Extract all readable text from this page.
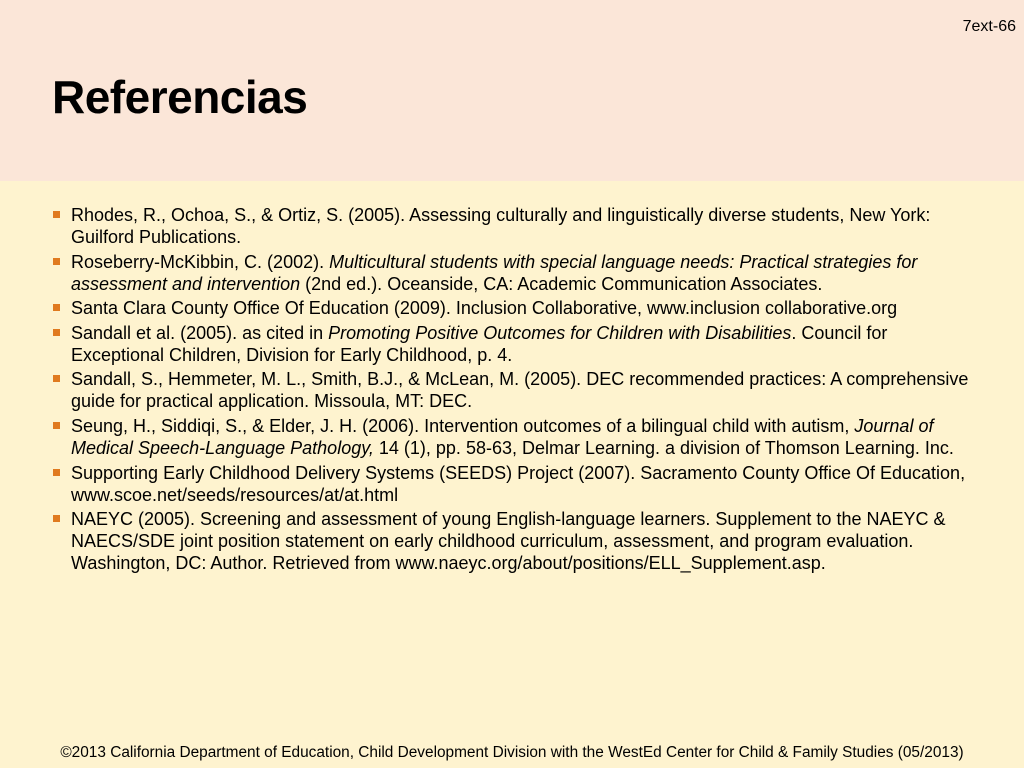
7ext-66
Referencias
Rhodes, R., Ochoa, S., & Ortiz, S. (2005). Assessing culturally and linguistically diverse students, New York: Guilford Publications.
Roseberry-McKibbin, C. (2002). Multicultural students with special language needs: Practical strategies for assessment and intervention (2nd ed.). Oceanside, CA: Academic Communication Associates.
Santa Clara County Office Of Education (2009). Inclusion Collaborative, www.inclusion collaborative.org
Sandall et al. (2005). as cited in Promoting Positive Outcomes for Children with Disabilities. Council for Exceptional Children, Division for Early Childhood, p. 4.
Sandall, S., Hemmeter, M. L., Smith, B.J., & McLean, M. (2005). DEC recommended practices: A comprehensive guide for practical application. Missoula, MT: DEC.
Seung, H., Siddiqi, S., & Elder, J. H. (2006). Intervention outcomes of a bilingual child with autism, Journal of Medical Speech-Language Pathology, 14 (1), pp. 58-63, Delmar Learning. a division of Thomson Learning. Inc.
Supporting Early Childhood Delivery Systems (SEEDS) Project (2007). Sacramento County Office Of Education, www.scoe.net/seeds/resources/at/at.html
NAEYC (2005). Screening and assessment of young English-language learners. Supplement to the NAEYC & NAECS/SDE joint position statement on early childhood curriculum, assessment, and program evaluation. Washington, DC: Author. Retrieved from www.naeyc.org/about/positions/ELL_Supplement.asp.
©2013 California Department of Education, Child Development Division with the WestEd Center for Child & Family Studies (05/2013)
